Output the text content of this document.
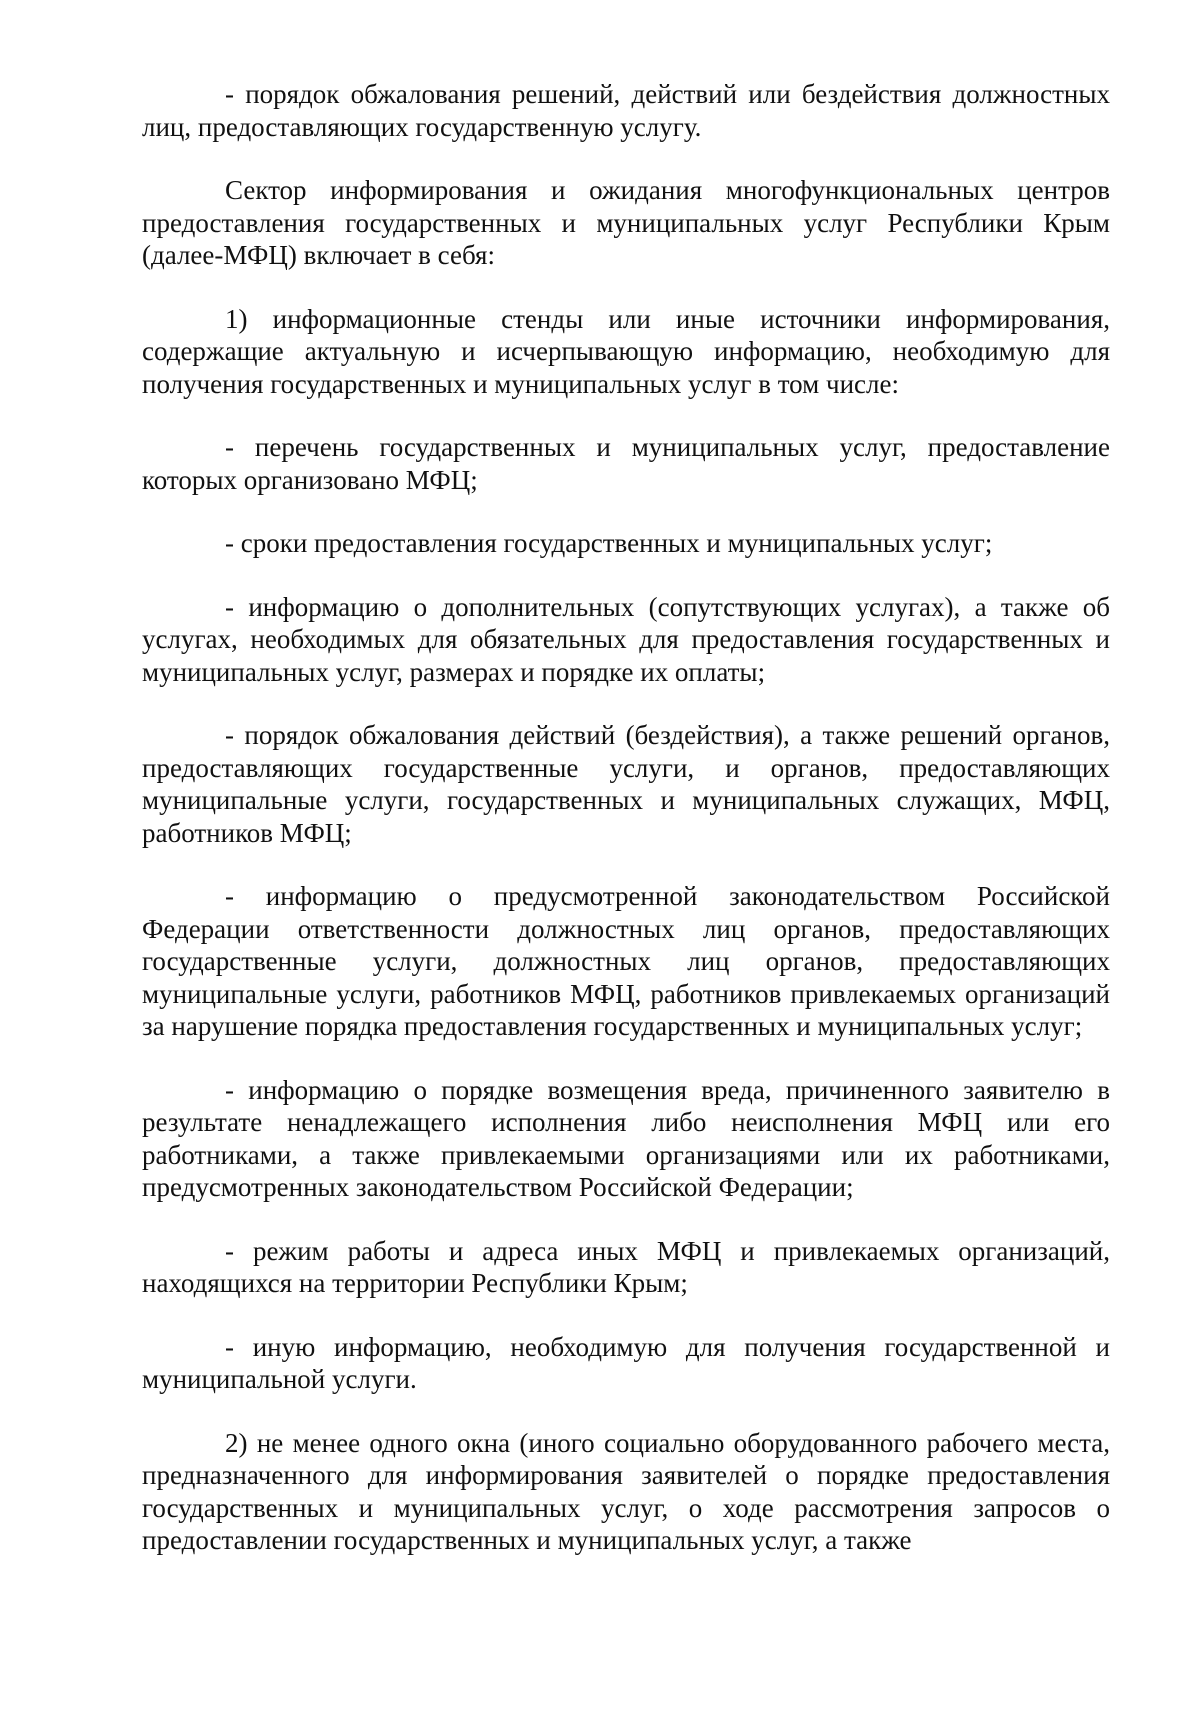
- порядок обжалования решений, действий или бездействия должностных лиц, предоставляющих государственную услугу.

Сектор информирования и ожидания многофункциональных центров предоставления государственных и муниципальных услуг Республики Крым (далее-МФЦ) включает в себя:

1) информационные стенды или иные источники информирования, содержащие актуальную и исчерпывающую информацию, необходимую для получения государственных и муниципальных услуг в том числе:

- перечень государственных и муниципальных услуг, предоставление которых организовано МФЦ;

- сроки предоставления государственных и муниципальных услуг;

- информацию о дополнительных (сопутствующих услугах), а также об услугах, необходимых для обязательных для предоставления государственных и муниципальных услуг, размерах и порядке их оплаты;

- порядок обжалования действий (бездействия), а также решений органов, предоставляющих государственные услуги, и органов, предоставляющих муниципальные услуги, государственных и муниципальных служащих, МФЦ, работников МФЦ;

- информацию о предусмотренной законодательством Российской Федерации ответственности должностных лиц органов, предоставляющих государственные услуги, должностных лиц органов, предоставляющих муниципальные услуги, работников МФЦ, работников привлекаемых организаций за нарушение порядка предоставления государственных и муниципальных услуг;

- информацию о порядке возмещения вреда, причиненного заявителю в результате ненадлежащего исполнения либо неисполнения МФЦ или его работниками, а также привлекаемыми организациями или их работниками, предусмотренных законодательством Российской Федерации;

- режим работы и адреса иных МФЦ и привлекаемых организаций, находящихся на территории Республики Крым;

- иную информацию, необходимую для получения государственной и муниципальной услуги.

2) не менее одного окна (иного социально оборудованного рабочего места, предназначенного для информирования заявителей о порядке предоставления государственных и муниципальных услуг, о ходе рассмотрения запросов о предоставлении государственных и муниципальных услуг, а также
